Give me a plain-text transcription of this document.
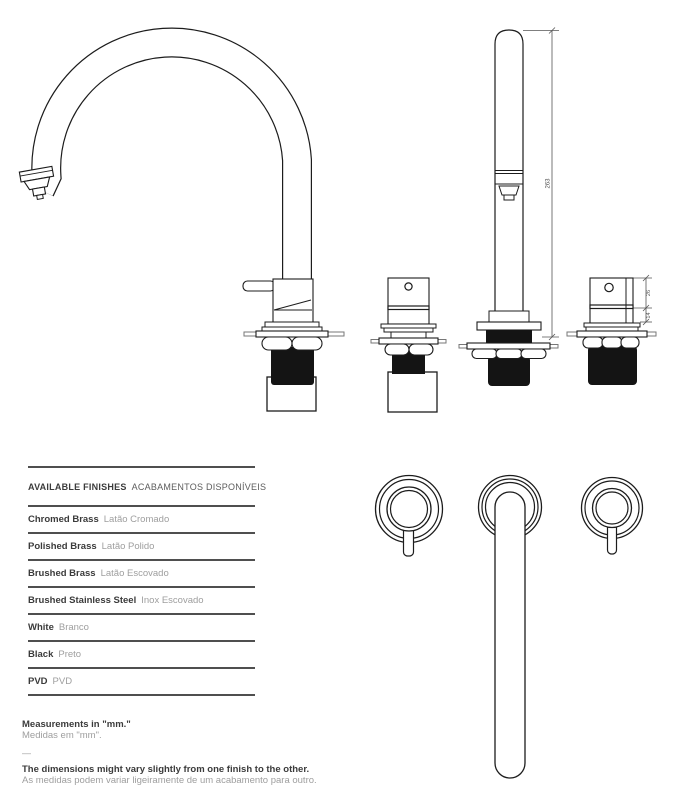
263
26
14
AVAILABLE FINISHES ACABAMENTOS DISPONÍVEIS
Chromed Brass Latão Cromado
Polished Brass Latão Polido
Brushed Brass Latão Escovado
Brushed Stainless Steel Inox Escovado
White Branco
Black Preto
PVD PVD
Measurements in "mm."
Medidas em "mm".
—
The dimensions might vary slightly from one finish to the other.
As medidas podem variar ligeiramente de um acabamento para outro.
